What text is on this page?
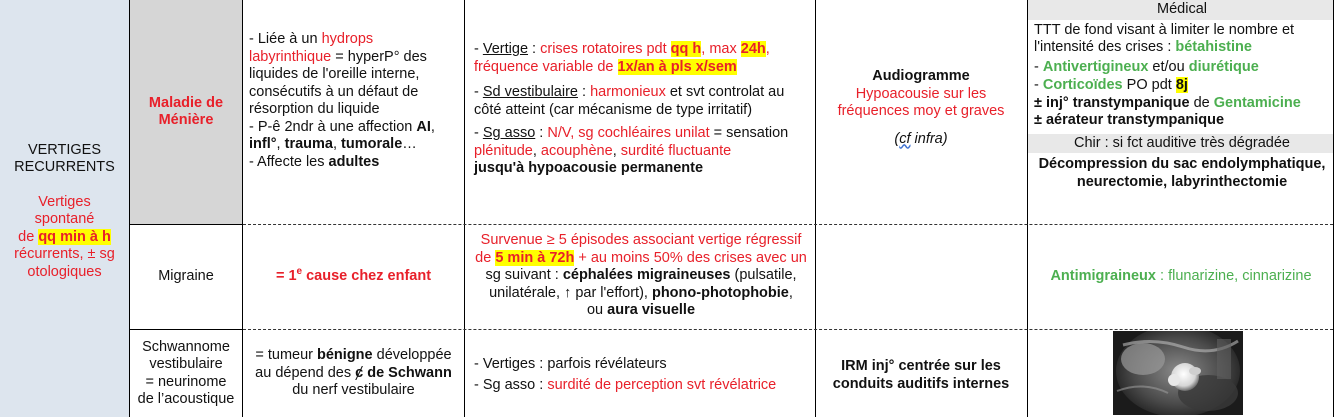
VERTIGES
RECURRENTS

Vertiges
spontané
de qq min à h
récurrents, ± sg
otologiques

Maladie de
Ménière

- Liée à un hydrops

labyrinthique = hyperP° des

liquides de l'oreille interne,

consécutifs à un défaut de

résorption du liquide

- P-ê 2ndr à une affection AI,

infl°, trauma, tumorale…

- Affecte les adultes

- Vertige : crises rotatoires pdt qq h, max 24h,

fréquence variable de 1x/an à pls x/sem

- Sd vestibulaire : harmonieux et svt controlat au

côté atteint (car mécanisme de type irritatif)

- Sg asso : N/V, sg cochléaires unilat = sensation

plénitude, acouphène, surdité fluctuante

jusqu'à hypoacousie permanente

Audiogramme

Hypoacousie sur les

fréquences moy et graves

(cf infra)

Médical

TTT de fond visant à limiter le nombre et

l'intensité des crises : bétahistine

- Antivertigineux et/ou diurétique

- Corticoïdes PO pdt 8j

± inj° transtympanique de Gentamicine

± aérateur transtympanique

Chir : si fct auditive très dégradée

Décompression du sac endolymphatique,

neurectomie, labyrinthectomie

Migraine	= $1^e$ cause chez enfant

Survenue ≥ 5 épisodes associant vertige régressif

de 5 min à 72h + au moins 50% des crises avec un

sg suivant : céphalées migraineuses (pulsatile,

unilatérale, ↑ par l'effort), phono-photophobie,

ou aura visuelle

Antimigraineux : flunarizine, cinnarizine

Schwannome

vestibulaire

= neurinome

de l’acoustique

= tumeur bénigne développée

au dépend des ȼ de Schwann

du nerf vestibulaire

- Vertiges : parfois révélateurs

- Sg asso : surdité de perception svt révélatrice

IRM inj° centrée sur les

conduits auditifs internes
